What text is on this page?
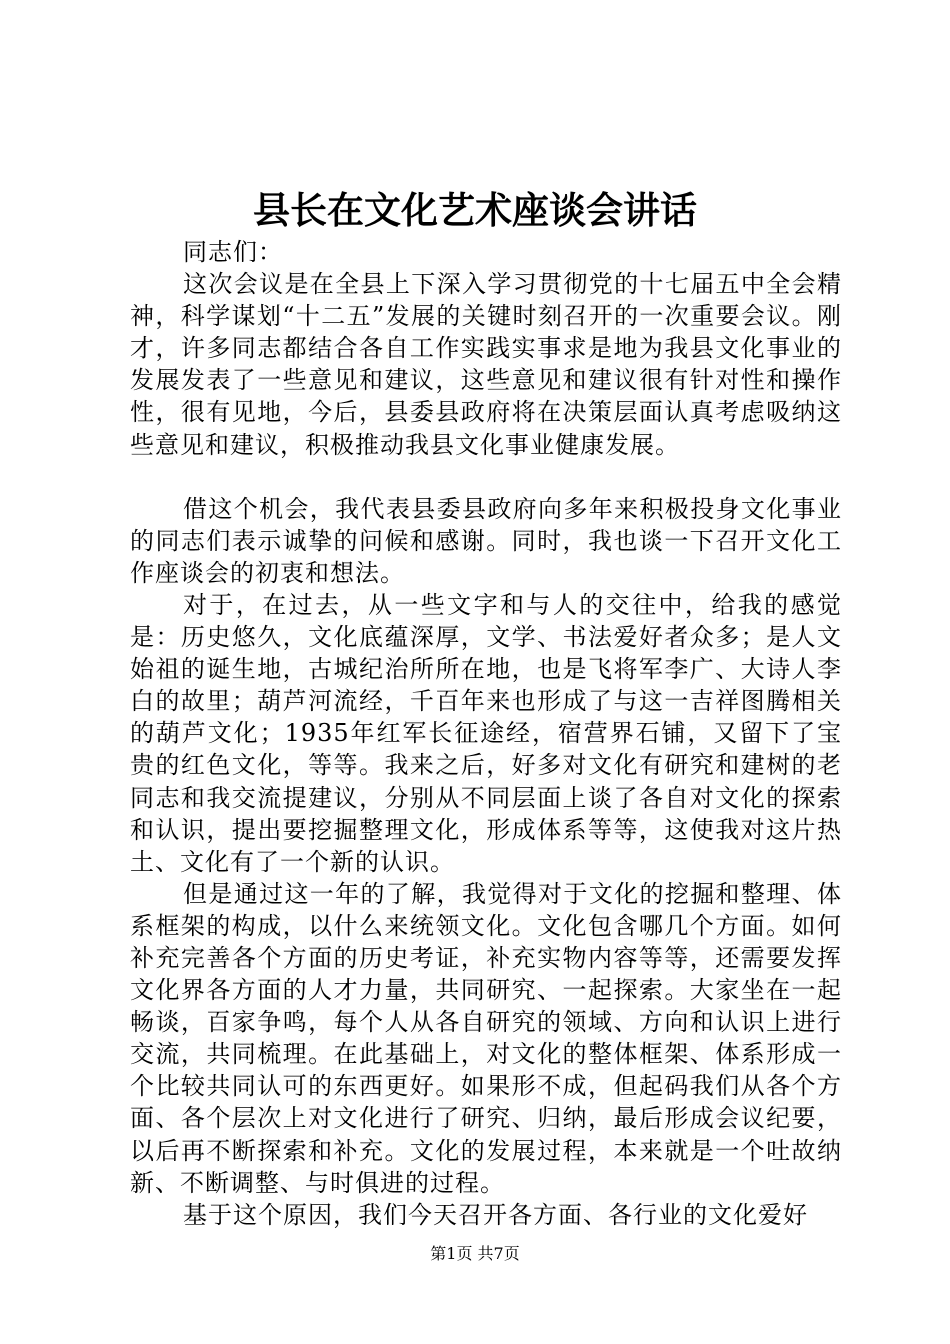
县长在文化艺术座谈会讲话

同志们：

这次会议是在全县上下深入学习贯彻党的十七届五中全会精神，科学谋划“十二五”发展的关键时刻召开的一次重要会议。刚才，许多同志都结合各自工作实践实事求是地为我县文化事业的发展发表了一些意见和建议，这些意见和建议很有针对性和操作性，很有见地，今后，县委县政府将在决策层面认真考虑吸纳这些意见和建议，积极推动我县文化事业健康发展。

借这个机会，我代表县委县政府向多年来积极投身文化事业的同志们表示诚挚的问候和感谢。同时，我也谈一下召开文化工作座谈会的初衷和想法。

对于，在过去，从一些文字和与人的交往中，给我的感觉是：历史悠久，文化底蕴深厚，文学、书法爱好者众多；是人文始祖的诞生地，古城纪治所所在地，也是飞将军李广、大诗人李白的故里；葫芦河流经，千百年来也形成了与这一吉祥图腾相关的葫芦文化；1935年红军长征途经，宿营界石铺，又留下了宝贵的红色文化，等等。我来之后，好多对文化有研究和建树的老同志和我交流提建议，分别从不同层面上谈了各自对文化的探索和认识，提出要挖掘整理文化，形成体系等等，这使我对这片热土、文化有了一个新的认识。

但是通过这一年的了解，我觉得对于文化的挖掘和整理、体系框架的构成，以什么来统领文化。文化包含哪几个方面。如何补充完善各个方面的历史考证，补充实物内容等等，还需要发挥文化界各方面的人才力量，共同研究、一起探索。大家坐在一起畅谈，百家争鸣，每个人从各自研究的领域、方向和认识上进行交流，共同梳理。在此基础上，对文化的整体框架、体系形成一个比较共同认可的东西更好。如果形不成，但起码我们从各个方面、各个层次上对文化进行了研究、归纳，最后形成会议纪要，以后再不断探索和补充。文化的发展过程，本来就是一个吐故纳新、不断调整、与时俱进的过程。

基于这个原因，我们今天召开各方面、各行业的文化爱好

第1页 共7页
